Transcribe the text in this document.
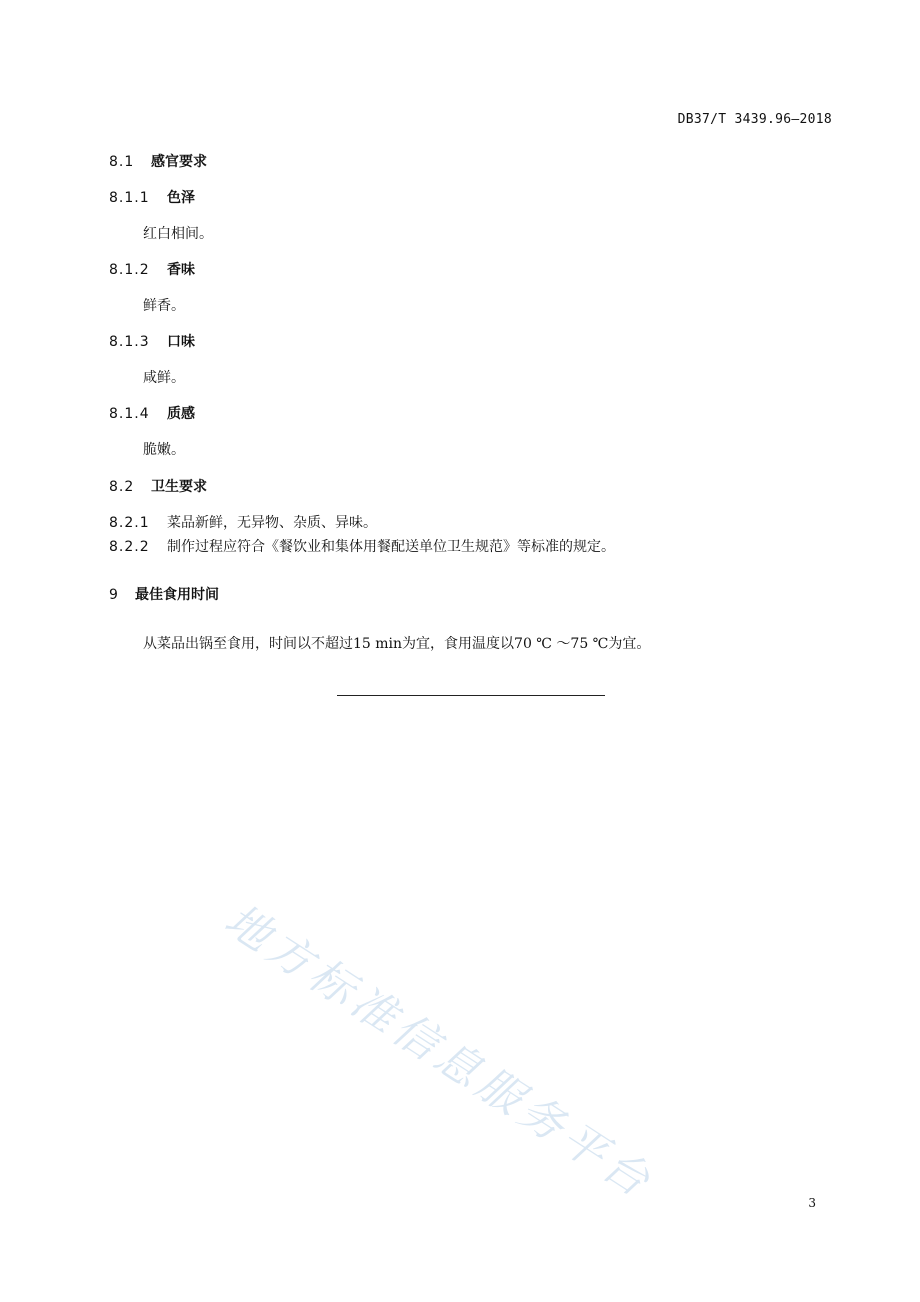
DB37/T 3439.96—2018
8.1 感官要求
8.1.1 色泽
红白相间。
8.1.2 香味
鲜香。
8.1.3 口味
咸鲜。
8.1.4 质感
脆嫩。
8.2 卫生要求
8.2.1 菜品新鲜，无异物、杂质、异味。
8.2.2 制作过程应符合《餐饮业和集体用餐配送单位卫生规范》等标准的规定。
9 最佳食用时间
从菜品出锅至食用，时间以不超过15 min为宜，食用温度以70 ℃ ～75 ℃为宜。
地方标准信息服务平台	3
